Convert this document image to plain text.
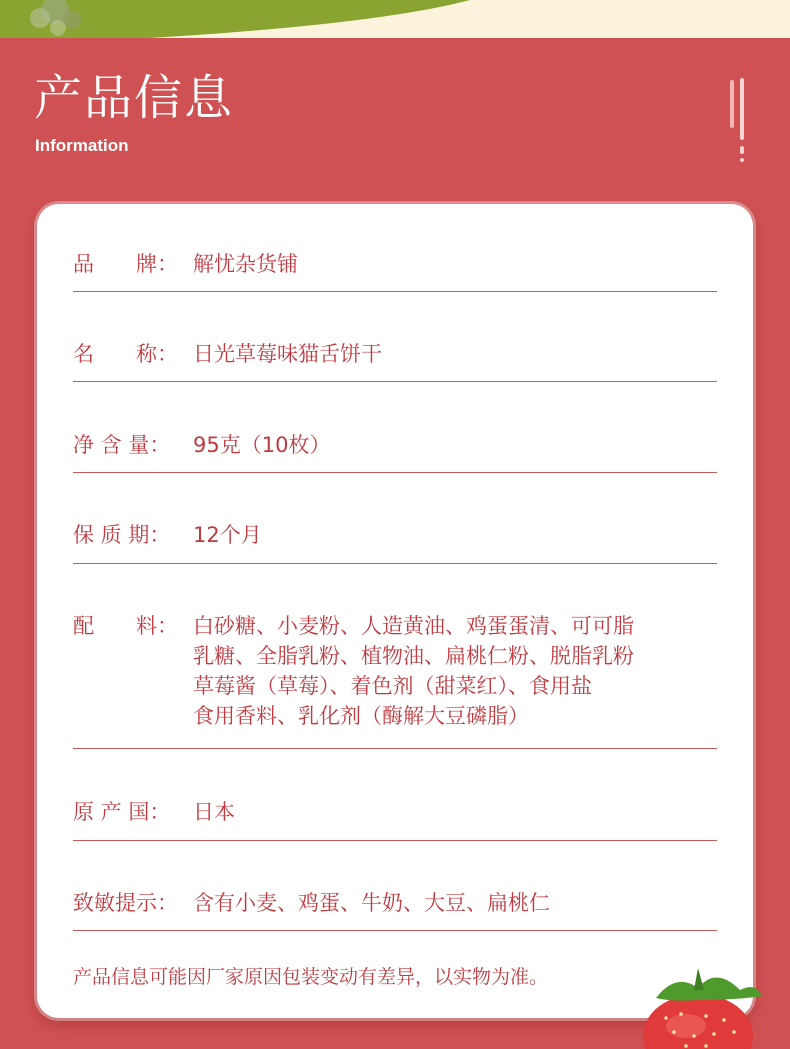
产品信息
Information
品　　牌： 解忧杂货铺
名　　称： 日光草莓味猫舌饼干
净 含 量：	95克（10枚）
保 质 期：	12个月
配　　料： 白砂糖、小麦粉、人造黄油、鸡蛋蛋清、可可脂
乳糖、全脂乳粉、植物油、扁桃仁粉、脱脂乳粉
草莓酱（草莓）、着色剂（甜菜红）、食用盐
食用香料、乳化剂（酶解大豆磷脂）
原 产 国：	日本
致敏提示： 含有小麦、鸡蛋、牛奶、大豆、扁桃仁
产品信息可能因厂家原因包装变动有差异，以实物为准。
